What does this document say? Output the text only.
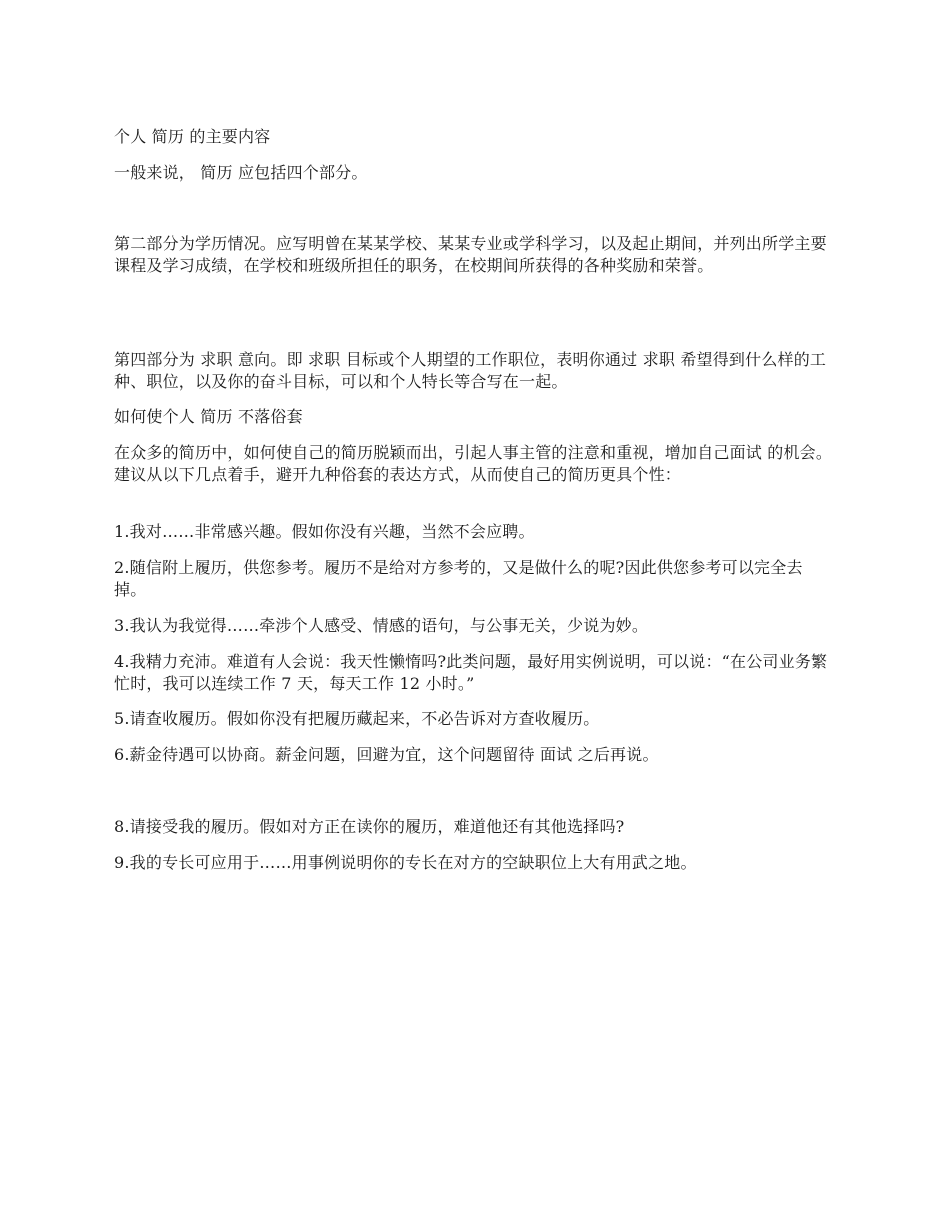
个人 简历 的主要内容

一般来说， 简历 应包括四个部分。

第二部分为学历情况。应写明曾在某某学校、某某专业或学科学习，以及起止期间，并列出所学主要课程及学习成绩，在学校和班级所担任的职务，在校期间所获得的各种奖励和荣誉。

第四部分为 求职 意向。即 求职 目标或个人期望的工作职位，表明你通过 求职 希望得到什么样的工种、职位，以及你的奋斗目标，可以和个人特长等合写在一起。

如何使个人 简历 不落俗套

在众多的简历中，如何使自己的简历脱颖而出，引起人事主管的注意和重视，增加自己面试 的机会。建议从以下几点着手，避开九种俗套的表达方式，从而使自己的简历更具个性：

1.我对……非常感兴趣。假如你没有兴趣，当然不会应聘。

2.随信附上履历，供您参考。履历不是给对方参考的，又是做什么的呢?因此供您参考可以完全去掉。

3.我认为我觉得……牵涉个人感受、情感的语句，与公事无关，少说为妙。

4.我精力充沛。难道有人会说：我天性懒惰吗?此类问题，最好用实例说明，可以说：“在公司业务繁忙时，我可以连续工作 7 天，每天工作 12 小时。”

5.请查收履历。假如你没有把履历藏起来，不必告诉对方查收履历。

6.薪金待遇可以协商。薪金问题，回避为宜，这个问题留待 面试 之后再说。

8.请接受我的履历。假如对方正在读你的履历，难道他还有其他选择吗?

9.我的专长可应用于……用事例说明你的专长在对方的空缺职位上大有用武之地。
